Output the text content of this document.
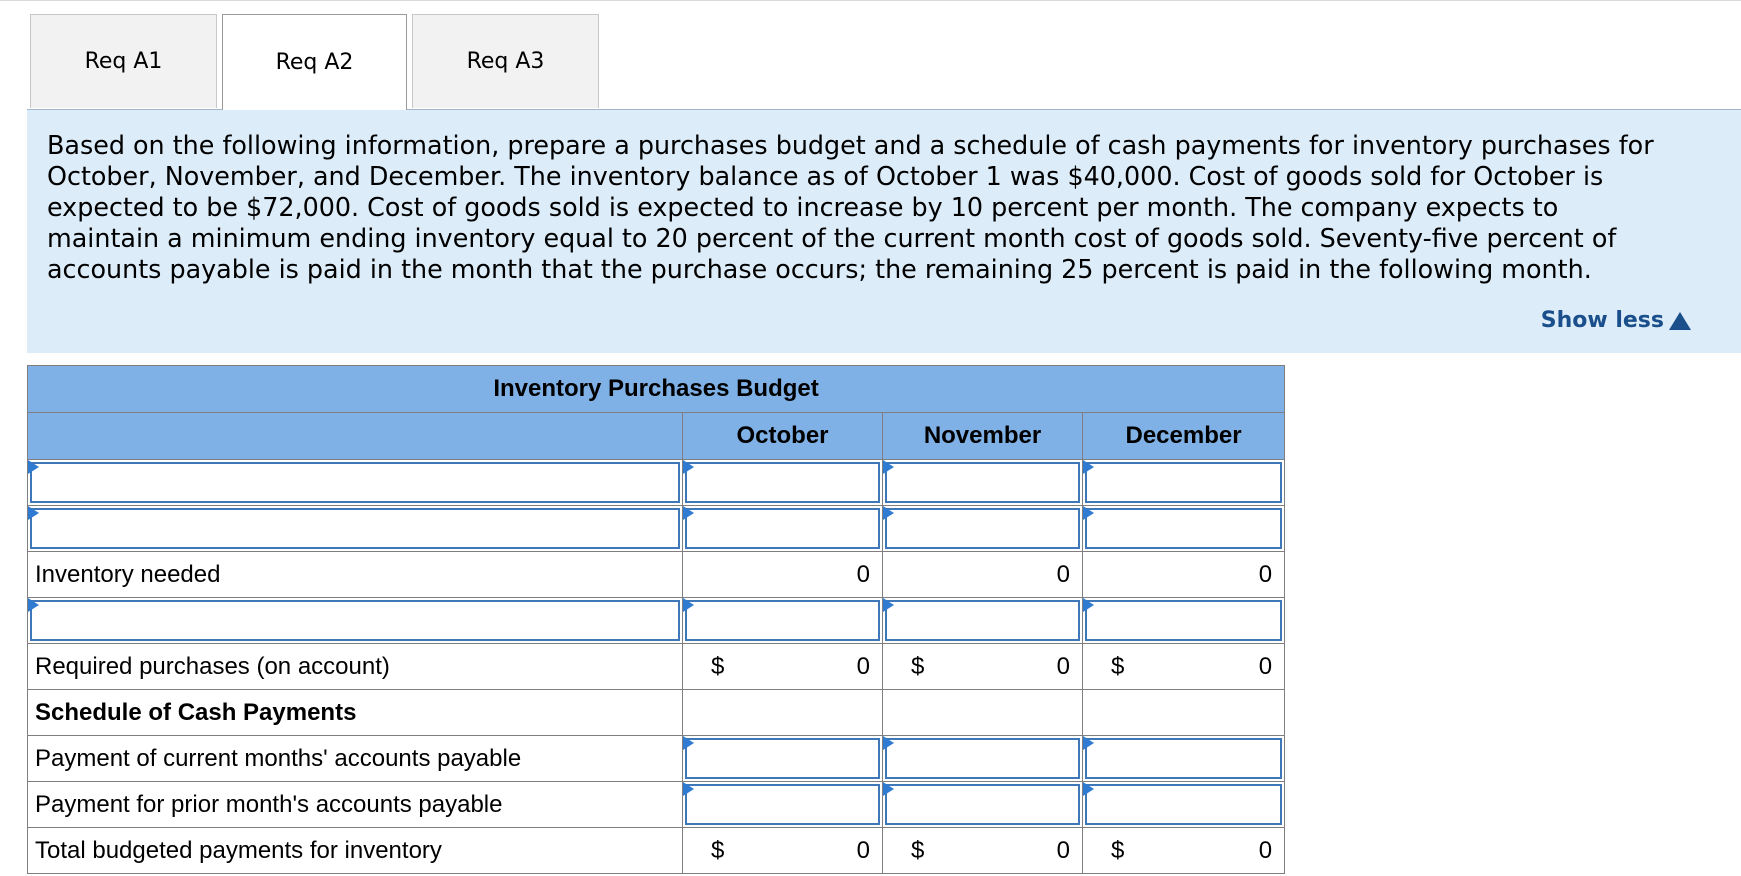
Req A1	Req A2	Req A3
Based on the following information, prepare a purchases budget and a schedule of cash payments for inventory purchases for
October, November, and December. The inventory balance as of October 1 was $40,000. Cost of goods sold for October is
expected to be $72,000. Cost of goods sold is expected to increase by 10 percent per month. The company expects to
maintain a minimum ending inventory equal to 20 percent of the current month cost of goods sold. Seventy-five percent of
accounts payable is paid in the month that the purchase occurs; the remaining 25 percent is paid in the following month.
Show less
Inventory Purchases Budget			
	October	November	December

Inventory needed	0	0	0

Required purchases (on account)	$ 0	$ 0	$ 0

Schedule of Cash Payments			
Payment of current months' accounts payable	

Payment for prior month's accounts payable	

Total budgeted payments for inventory	$ 0	$ 0	$ 0
